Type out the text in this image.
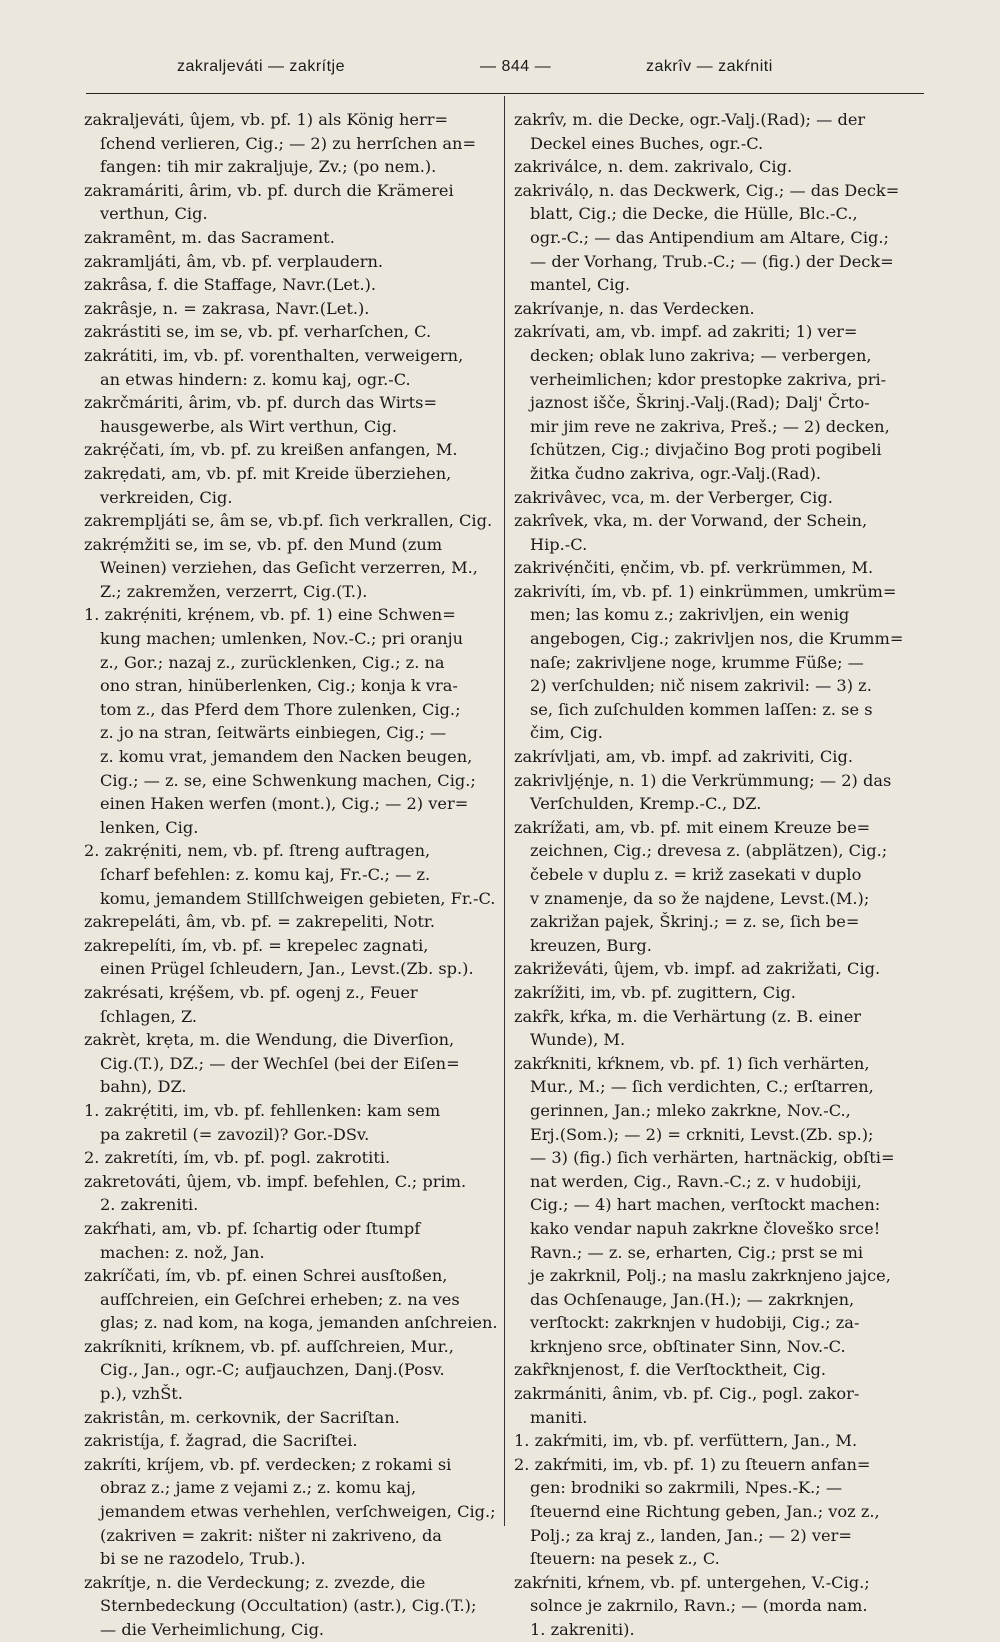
zakraljeváti — zakrítje	— 844 —	zakrîv — zakŕniti
zakraljeváti, ûjem, vb. pf. 1) als König herr=
ſchend verlieren, Cig.; — 2) zu herrſchen an=
fangen: tih mir zakraljuje, Zv.; (po nem.).
zakramáriti, ârim, vb. pf. durch die Krämerei
verthun, Cig.
zakramȇnt, m. das Sacrament.
zakramljáti, âm, vb. pf. verplaudern.
zakrâsa, f. die Staffage, Navr.(Let.).
zakrâsje, n. = zakrasa, Navr.(Let.).
zakrástiti se, im se, vb. pf. verharſchen, C.
zakrátiti, im, vb. pf. vorenthalten, verweigern,
an etwas hindern: z. komu kaj, ogr.-C.
zakrčmáriti, ârim, vb. pf. durch das Wirts=
hausgewerbe, als Wirt verthun, Cig.
zakrẹ́čati, ím, vb. pf. zu kreißen anfangen, M.
zakrẹdati, am, vb. pf. mit Kreide überziehen,
verkreiden, Cig.
zakrempljáti se, âm se, vb.pf. ſich verkrallen, Cig.
zakrẹ́mžiti se, im se, vb. pf. den Mund (zum
Weinen) verziehen, das Geſicht verzerren, M.,
Z.; zakremžen, verzerrt, Cig.(T.).
1. zakrẹ́niti, krẹ́nem, vb. pf. 1) eine Schwen=
kung machen; umlenken, Nov.-C.; pri oranju
z., Gor.; nazaj z., zurücklenken, Cig.; z. na
ono stran, hinüberlenken, Cig.; konja k vra-
tom z., das Pferd dem Thore zulenken, Cig.;
z. jo na stran, ſeitwärts einbiegen, Cig.; —
z. komu vrat, jemandem den Nacken beugen,
Cig.; — z. se, eine Schwenkung machen, Cig.;
einen Haken werfen (mont.), Cig.; — 2) ver=
lenken, Cig.
2. zakrẹ́niti, nem, vb. pf. ſtreng auftragen,
ſcharf befehlen: z. komu kaj, Fr.-C.; — z.
komu, jemandem Stillſchweigen gebieten, Fr.-C.
zakrepeláti, âm, vb. pf. = zakrepeliti, Notr.
zakrepelíti, ím, vb. pf. = krepelec zagnati,
einen Prügel ſchleudern, Jan., Levst.(Zb. sp.).
zakrésati, krẹ́šem, vb. pf. ogenj z., Feuer
ſchlagen, Z.
zakrèt, krẹta, m. die Wendung, die Diverſion,
Cig.(T.), DZ.; — der Wechſel (bei der Eiſen=
bahn), DZ.
1. zakrẹ́titi, im, vb. pf. fehllenken: kam sem
pa zakretil (= zavozil)? Gor.-DSv.
2. zakretíti, ím, vb. pf. pogl. zakrotiti.
zakretováti, ûjem, vb. impf. befehlen, C.; prim.
2. zakreniti.
zakŕhati, am, vb. pf. ſchartig oder ſtumpf
machen: z. nož, Jan.
zakríčati, ím, vb. pf. einen Schrei ausſtoßen,
aufſchreien, ein Geſchrei erheben; z. na ves
glas; z. nad kom, na koga, jemanden anſchreien.
zakríkniti, kríknem, vb. pf. aufſchreien, Mur.,
Cig., Jan., ogr.-C; aufjauchzen, Danj.(Posv.
p.), vzhŠt.
zakristân, m. cerkovnik, der Sacriſtan.
zakristíja, f. žagrad, die Sacriſtei.
zakríti, kríjem, vb. pf. verdecken; z rokami si
obraz z.; jame z vejami z.; z. komu kaj,
jemandem etwas verhehlen, verſchweigen, Cig.;
(zakriven = zakrit: ništer ni zakriveno, da
bi se ne razodelo, Trub.).
zakrítje, n. die Verdeckung; z. zvezde, die
Sternbedeckung (Occultation) (astr.), Cig.(T.);
— die Verheimlichung, Cig.
zakrîv, m. die Decke, ogr.-Valj.(Rad); — der
Deckel eines Buches, ogr.-C.
zakriválce, n. dem. zakrivalo, Cig.
zakriválọ, n. das Deckwerk, Cig.; — das Deck=
blatt, Cig.; die Decke, die Hülle, Blc.-C.,
ogr.-C.; — das Antipendium am Altare, Cig.;
— der Vorhang, Trub.-C.; — (fig.) der Deck=
mantel, Cig.
zakrívanje, n. das Verdecken.
zakrívati, am, vb. impf. ad zakriti; 1) ver=
decken; oblak luno zakriva; — verbergen,
verheimlichen; kdor prestopke zakriva, pri-
jaznost išče, Škrinj.-Valj.(Rad); Dalj' Črto-
mir jim reve ne zakriva, Preš.; — 2) decken,
ſchützen, Cig.; divjačino Bog proti pogibeli
žitka čudno zakriva, ogr.-Valj.(Rad).
zakrivâvec, vca, m. der Verberger, Cig.
zakrîvek, vka, m. der Vorwand, der Schein,
Hip.-C.
zakrivẹ́nčiti, ẹnčim, vb. pf. verkrümmen, M.
zakrivíti, ím, vb. pf. 1) einkrümmen, umkrüm=
men; las komu z.; zakrivljen, ein wenig
angebogen, Cig.; zakrivljen nos, die Krumm=
naſe; zakrivljene noge, krumme Füße; —
2) verſchulden; nič nisem zakrivil: — 3) z.
se, ſich zuſchulden kommen laſſen: z. se s
čim, Cig.
zakrívljati, am, vb. impf. ad zakriviti, Cig.
zakrivljẹ́nje, n. 1) die Verkrümmung; — 2) das
Verſchulden, Kremp.-C., DZ.
zakrížati, am, vb. pf. mit einem Kreuze be=
zeichnen, Cig.; drevesa z. (abplätzen), Cig.;
čebele v duplu z. = križ zasekati v duplo
v znamenje, da so že najdene, Levst.(M.);
zakrižan pajek, Škrinj.; = z. se, ſich be=
kreuzen, Burg.
zakriževáti, ûjem, vb. impf. ad zakrižati, Cig.
zakrížiti, im, vb. pf. zugittern, Cig.
zakȓk, kŕka, m. die Verhärtung (z. B. einer
Wunde), M.
zakŕkniti, kŕknem, vb. pf. 1) ſich verhärten,
Mur., M.; — ſich verdichten, C.; erſtarren,
gerinnen, Jan.; mleko zakrkne, Nov.-C.,
Erj.(Som.); — 2) = crkniti, Levst.(Zb. sp.);
— 3) (fig.) ſich verhärten, hartnäckig, obſti=
nat werden, Cig., Ravn.-C.; z. v hudobiji,
Cig.; — 4) hart machen, verſtockt machen:
kako vendar napuh zakrkne človeško srce!
Ravn.; — z. se, erharten, Cig.; prst se mi
je zakrknil, Polj.; na maslu zakrknjeno jajce,
das Ochſenauge, Jan.(H.); — zakrknjen,
verſtockt: zakrknjen v hudobiji, Cig.; za-
krknjeno srce, obſtinater Sinn, Nov.-C.
zakȓknjenost, f. die Verſtocktheit, Cig.
zakrmániti, ânim, vb. pf. Cig., pogl. zakor-
maniti.
1. zakŕmiti, im, vb. pf. verfüttern, Jan., M.
2. zakŕmiti, im, vb. pf. 1) zu ſteuern anfan=
gen: brodniki so zakrmili, Npes.-K.; —
ſteuernd eine Richtung geben, Jan.; voz z.,
Polj.; za kraj z., landen, Jan.; — 2) ver=
ſteuern: na pesek z., C.
zakŕniti, kŕnem, vb. pf. untergehen, V.-Cig.;
solnce je zakrnilo, Ravn.; — (morda nam.
1. zakreniti).
